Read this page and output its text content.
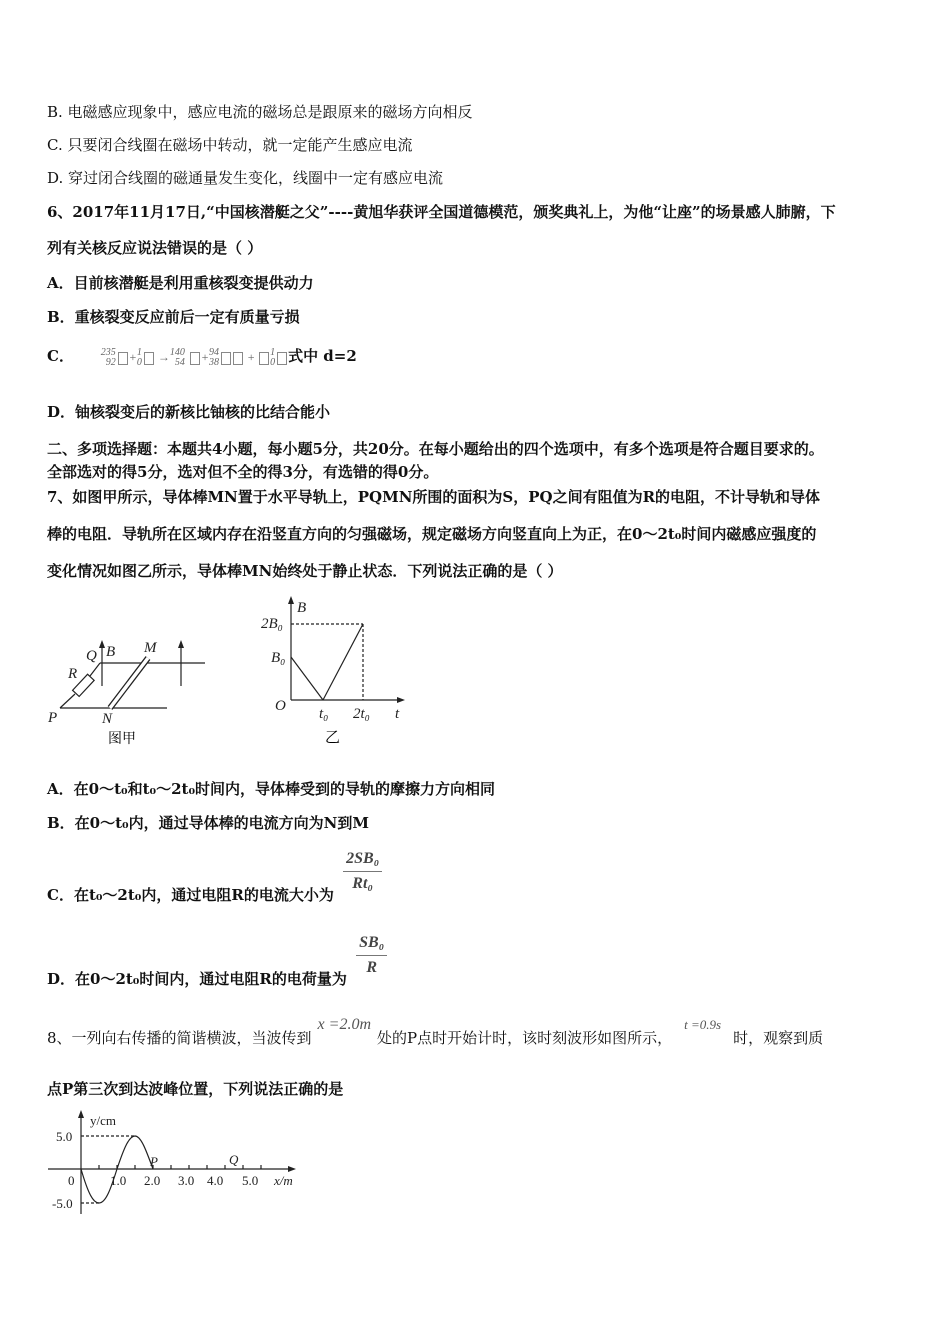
B. 电磁感应现象中，感应电流的磁场总是跟原来的磁场方向相反
C. 只要闭合线圈在磁场中转动，就一定能产生感应电流
D. 穿过闭合线圈的磁通量发生变化，线圈中一定有感应电流
6、2017年11月17日,“中国核潜艇之父”----黄旭华获评全国道德模范，颁奖典礼上，为他“让座”的场景感人肺腑，下
列有关核反应说法错误的是（ ）
A．目前核潜艇是利用重核裂变提供动力
B．重核裂变反应前后一定有质量亏损
C．	235
92 +1
0 →140
54 +94
38 + 1
0 式中 d=2
D．铀核裂变后的新核比铀核的比结合能小
二、多项选择题：本题共4小题，每小题5分，共20分。在每小题给出的四个选项中，有多个选项是符合题目要求的。
全部选对的得5分，选对但不全的得3分，有选错的得0分。
7、如图甲所示，导体棒MN置于水平导轨上，PQMN所围的面积为S，PQ之间有阻值为R的电阻，不计导轨和导体
棒的电阻．导轨所在区域内存在沿竖直方向的匀强磁场，规定磁场方向竖直向上为正，在0～2t₀时间内磁感应强度的
变化情况如图乙所示，导体棒MN始终处于静止状态．下列说法正确的是（ ）
P
Q	M
N
R
B
图甲
B
2B₀
B₀
O t₀ 2t₀ t
乙
A．在0～t₀和t₀～2t₀时间内，导体棒受到的导轨的摩擦力方向相同
B．在0～t₀内，通过导体棒的电流方向为N到M
C．在t₀～2t₀内，通过电阻R的电流大小为 $\frac{\text{2SB₀}}{\text{Rt₀}}$
D．在0～2t₀时间内，通过电阻R的电荷量为 $\frac{\text{SB₀}}{R}$
8、一列向右传播的简谐横波，当波传到x =2.0m处的P点时开始计时，该时刻波形如图所示，t =0.9s时，观察到质
点P第三次到达波峰位置，下列说法正确的是
y/cm
5.0
-5.0
0	1.0 2.0 3.0 4.0 5.0 x/m
P	Q
